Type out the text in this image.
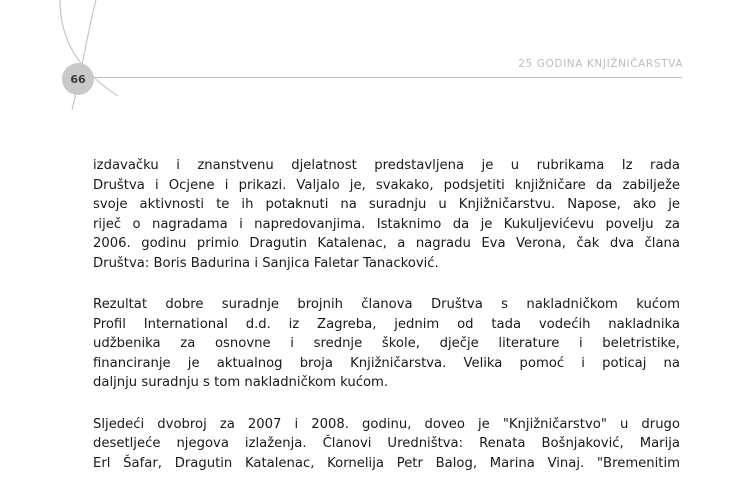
66
25 GODINA KNJIŽNIČARSTVA

izdavačku i znanstvenu djelatnost predstavljena je u rubrikama Iz rada
Društva i Ocjene i prikazi. Valjalo je, svakako, podsjetiti knjižničare da zabilježe
svoje aktivnosti te ih potaknuti na suradnju u Knjižničarstvu. Napose, ako je
riječ o nagradama i napredovanjima. Istaknimo da je Kukuljevićevu povelju za
2006. godinu primio Dragutin Katalenac, a nagradu Eva Verona, čak dva člana
Društva: Boris Badurina i Sanjica Faletar Tanacković.

Rezultat dobre suradnje brojnih članova Društva s nakladničkom kućom
Profil International d.d. iz Zagreba, jednim od tada vodećih nakladnika
udžbenika za osnovne i srednje škole, dječje literature i beletristike,
financiranje je aktualnog broja Knjižničarstva. Velika pomoć i poticaj na
daljnju suradnju s tom nakladničkom kućom.

Sljedeći dvobroj za 2007 i 2008. godinu, doveo je "Knjižničarstvo" u drugo
desetljeće njegova izlaženja. Članovi Uredništva: Renata Bošnjaković, Marija
Erl Šafar, Dragutin Katalenac, Kornelija Petr Balog, Marina Vinaj. "Bremenitim
